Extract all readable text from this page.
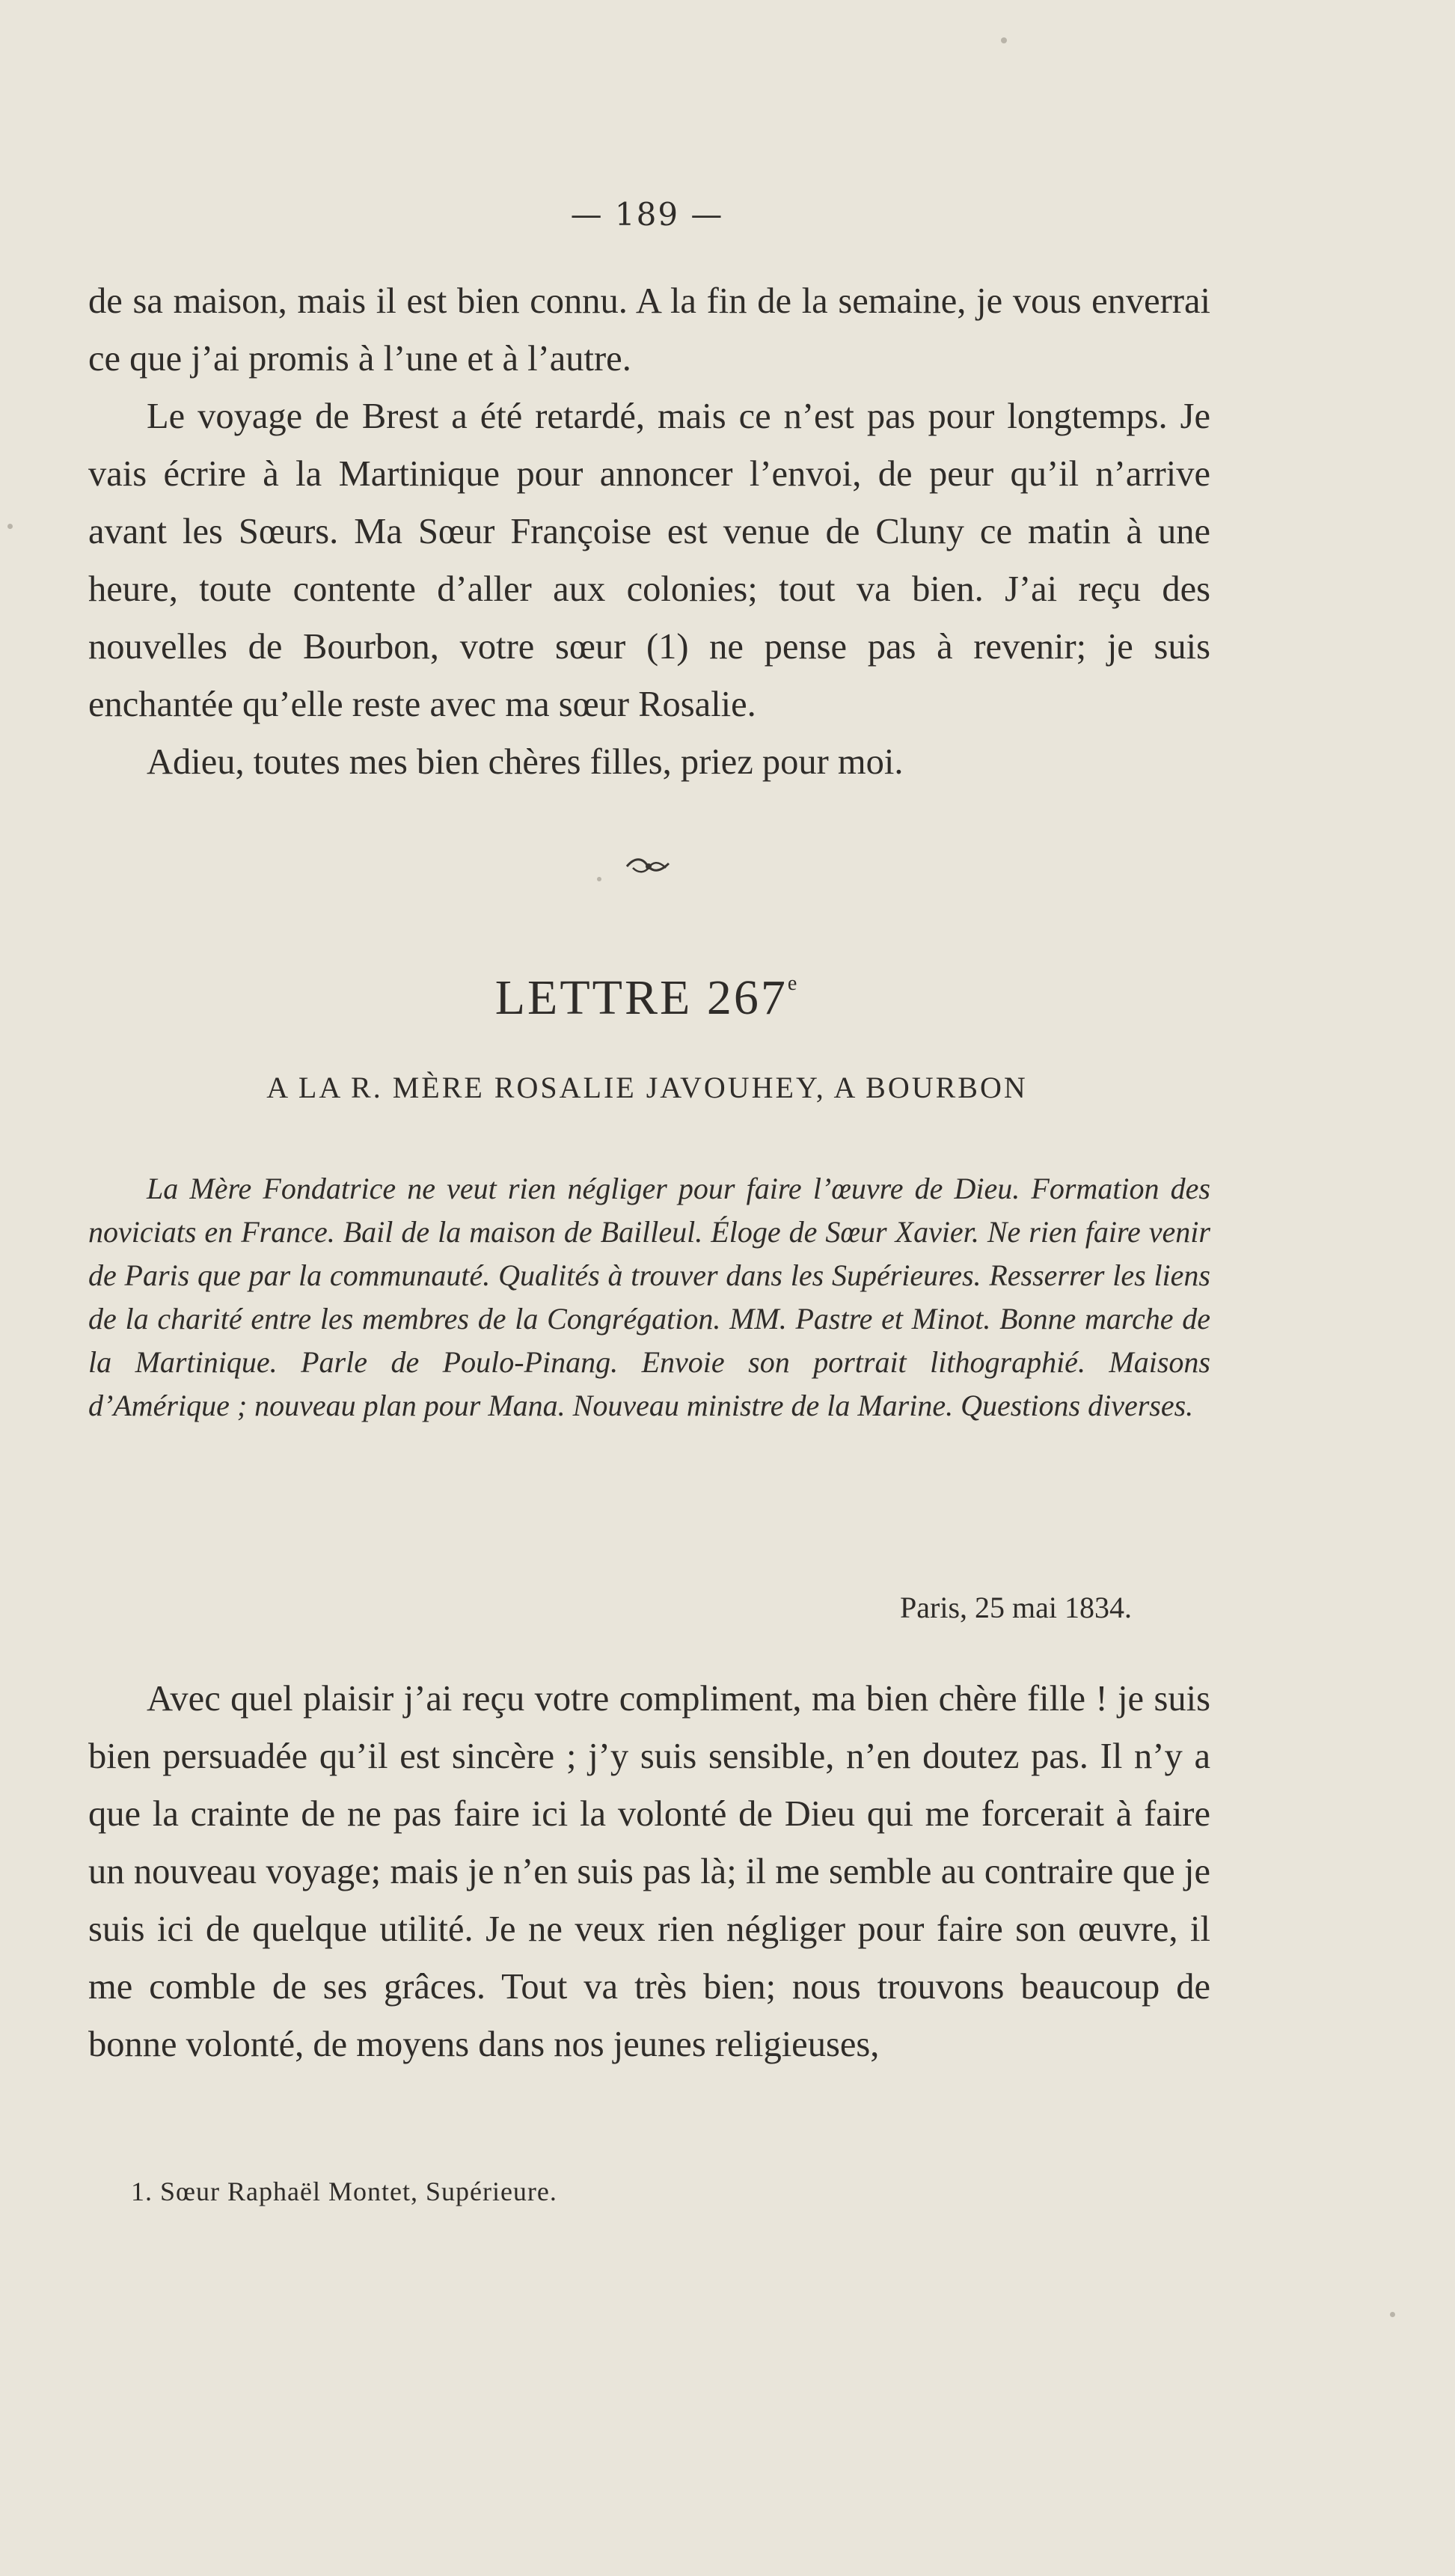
— 189 —

de sa maison, mais il est bien connu. A la fin de la semaine, je vous enverrai ce que j’ai promis à l’une et à l’autre.

Le voyage de Brest a été retardé, mais ce n’est pas pour longtemps. Je vais écrire à la Martinique pour annoncer l’envoi, de peur qu’il n’arrive avant les Sœurs. Ma Sœur Françoise est venue de Cluny ce matin à une heure, toute contente d’aller aux colonies; tout va bien. J’ai reçu des nouvelles de Bourbon, votre sœur (1) ne pense pas à revenir; je suis enchantée qu’elle reste avec ma sœur Rosalie.

Adieu, toutes mes bien chères filles, priez pour moi.

LETTRE 267e
A LA R. MÈRE ROSALIE JAVOUHEY, A BOURBON

La Mère Fondatrice ne veut rien négliger pour faire l’œuvre de Dieu. Formation des noviciats en France. Bail de la maison de Bailleul. Éloge de Sœur Xavier. Ne rien faire venir de Paris que par la communauté. Qualités à trouver dans les Supérieures. Resserrer les liens de la charité entre les membres de la Congrégation. MM. Pastre et Minot. Bonne marche de la Martinique. Parle de Poulo-Pinang. Envoie son portrait lithographié. Maisons d’Amérique ; nouveau plan pour Mana. Nouveau ministre de la Marine. Questions diverses.

Paris, 25 mai 1834.

Avec quel plaisir j’ai reçu votre compliment, ma bien chère fille ! je suis bien persuadée qu’il est sincère ; j’y suis sensible, n’en doutez pas. Il n’y a que la crainte de ne pas faire ici la volonté de Dieu qui me forcerait à faire un nouveau voyage; mais je n’en suis pas là; il me semble au contraire que je suis ici de quelque utilité. Je ne veux rien négliger pour faire son œuvre, il me comble de ses grâces. Tout va très bien; nous trouvons beaucoup de bonne volonté, de moyens dans nos jeunes religieuses,

1. Sœur Raphaël Montet, Supérieure.
